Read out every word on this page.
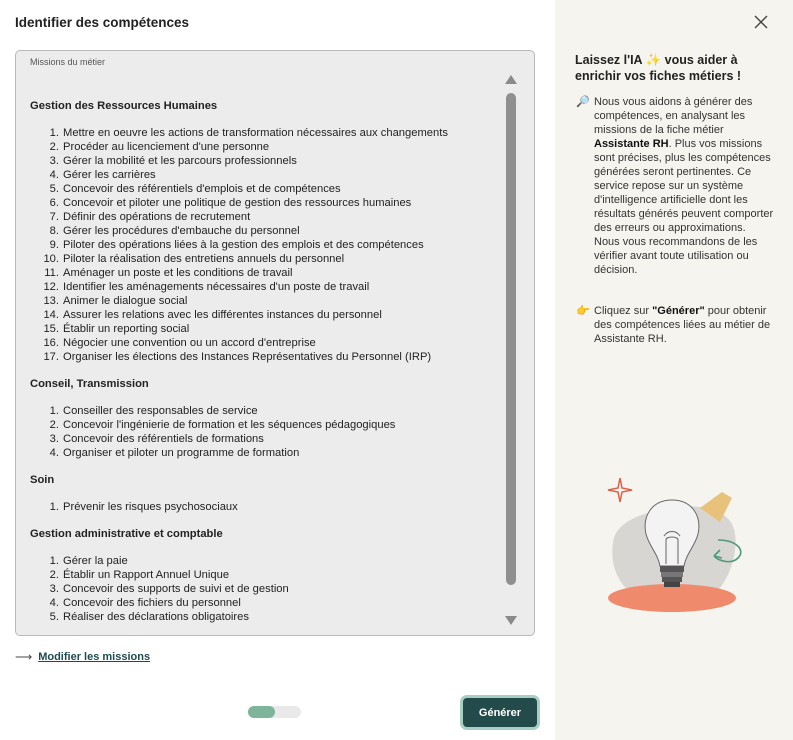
Identifier des compétences
Missions du métier
Gestion des Ressources Humaines
1. Mettre en oeuvre les actions de transformation nécessaires aux changements
2. Procéder au licenciement d'une personne
3. Gérer la mobilité et les parcours professionnels
4. Gérer les carrières
5. Concevoir des référentiels d'emplois et de compétences
6. Concevoir et piloter une politique de gestion des ressources humaines
7. Définir des opérations de recrutement
8. Gérer les procédures d'embauche du personnel
9. Piloter des opérations liées à la gestion des emplois et des compétences
10. Piloter la réalisation des entretiens annuels du personnel
11. Aménager un poste et les conditions de travail
12. Identifier les aménagements nécessaires d'un poste de travail
13. Animer le dialogue social
14. Assurer les relations avec les différentes instances du personnel
15. Établir un reporting social
16. Négocier une convention ou un accord d'entreprise
17. Organiser les élections des Instances Représentatives du Personnel (IRP)
Conseil, Transmission
1. Conseiller des responsables de service
2. Concevoir l'ingénierie de formation et les séquences pédagogiques
3. Concevoir des référentiels de formations
4. Organiser et piloter un programme de formation
Soin
1. Prévenir les risques psychosociaux
Gestion administrative et comptable
1. Gérer la paie
2. Établir un Rapport Annuel Unique
3. Concevoir des supports de suivi et de gestion
4. Concevoir des fichiers du personnel
5. Réaliser des déclarations obligatoires
⟶ Modifier les missions
Générer
Laissez l'IA ✨ vous aider à enrichir vos fiches métiers !
🔎 Nous vous aidons à générer des compétences, en analysant les missions de la fiche métier Assistante RH. Plus vos missions sont précises, plus les compétences générées seront pertinentes. Ce service repose sur un système d'intelligence artificielle dont les résultats générés peuvent comporter des erreurs ou approximations. Nous vous recommandons de les vérifier avant toute utilisation ou décision.

👉 Cliquez sur "Générer" pour obtenir des compétences liées au métier de Assistante RH.
